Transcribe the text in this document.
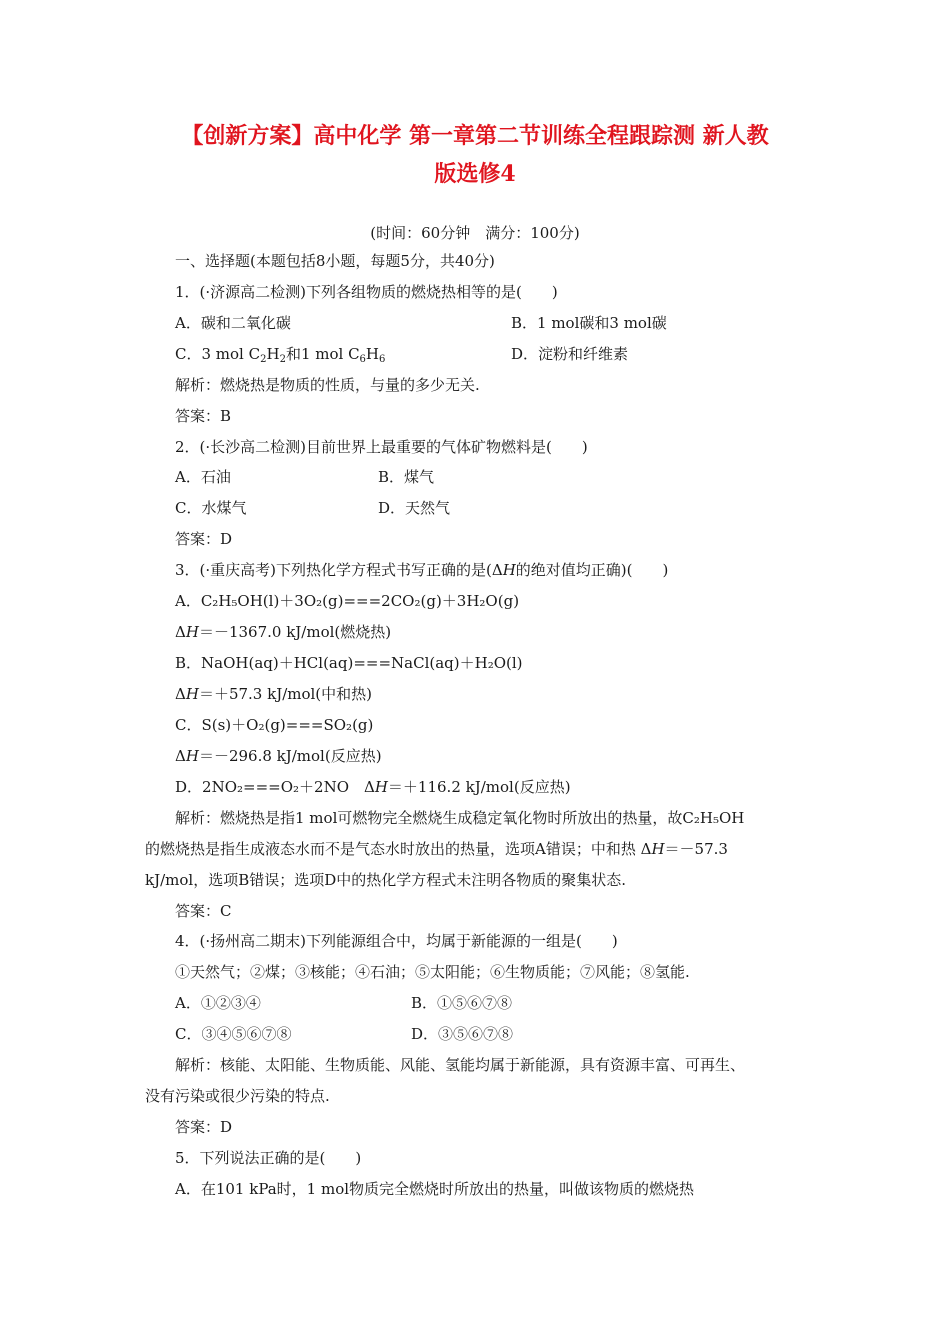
【创新方案】高中化学 第一章第二节训练全程跟踪测 新人教
版选修4
(时间：60分钟　满分：100分)
一、选择题(本题包括8小题，每题5分，共40分)
1．(·济源高二检测)下列各组物质的燃烧热相等的是(　　)
A．碳和二氧化碳	B．1 mol碳和3 mol碳
C．3 mol $C_2H_2$和1 mol $C_6H_6$	D．淀粉和纤维素
解析：燃烧热是物质的性质，与量的多少无关.
答案：B
2．(·长沙高二检测)目前世界上最重要的气体矿物燃料是(　　)
A．石油	B．煤气
C．水煤气	D．天然气
答案：D
3．(·重庆高考)下列热化学方程式书写正确的是(ΔH的绝对值均正确)(　　)
A．C₂H₅OH(l)＋3O₂(g)===2CO₂(g)＋3H₂O(g)
ΔH＝－1367.0 kJ/mol(燃烧热)
B．NaOH(aq)＋HCl(aq)===NaCl(aq)＋H₂O(l)
ΔH＝＋57.3 kJ/mol(中和热)
C．S(s)＋O₂(g)===SO₂(g)
ΔH＝－296.8 kJ/mol(反应热)
D．2NO₂===O₂＋2NO　ΔH＝＋116.2 kJ/mol(反应热)
解析：燃烧热是指1 mol可燃物完全燃烧生成稳定氧化物时所放出的热量，故C₂H₅OH
的燃烧热是指生成液态水而不是气态水时放出的热量，选项A错误；中和热 ΔH＝－57.3
kJ/mol，选项B错误；选项D中的热化学方程式未注明各物质的聚集状态.
答案：C
4．(·扬州高二期末)下列能源组合中，均属于新能源的一组是(　　)
①天然气；②煤；③核能；④石油；⑤太阳能；⑥生物质能；⑦风能；⑧氢能.
A．①②③④	B．①⑤⑥⑦⑧
C．③④⑤⑥⑦⑧	D．③⑤⑥⑦⑧
解析：核能、太阳能、生物质能、风能、氢能均属于新能源，具有资源丰富、可再生、
没有污染或很少污染的特点.
答案：D
5．下列说法正确的是(　　)
A．在101 kPa时，1 mol物质完全燃烧时所放出的热量，叫做该物质的燃烧热
